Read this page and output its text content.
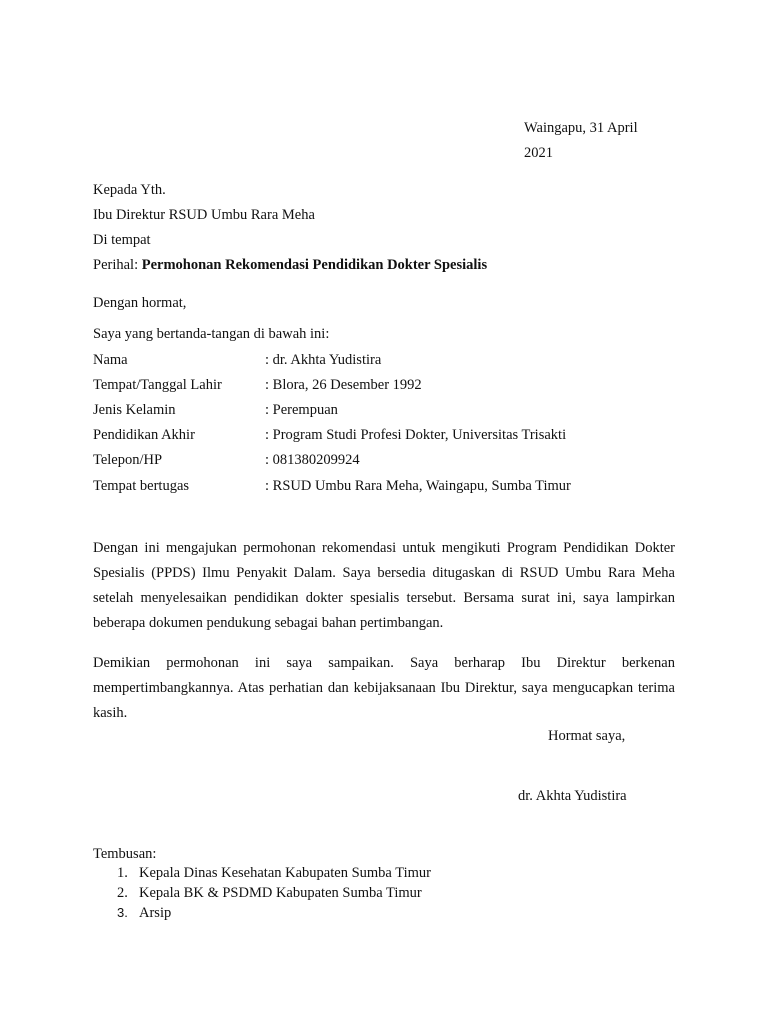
Waingapu, 31 April
2021
Kepada Yth.
Ibu Direktur RSUD Umbu Rara Meha
Di tempat
Perihal: Permohonan Rekomendasi Pendidikan Dokter Spesialis
Dengan hormat,
Saya yang bertanda-tangan di bawah ini:
Nama	: dr. Akhta Yudistira
Tempat/Tanggal Lahir	: Blora, 26 Desember 1992
Jenis Kelamin	: Perempuan
Pendidikan Akhir	: Program Studi Profesi Dokter, Universitas Trisakti
Telepon/HP	: 081380209924
Tempat bertugas	: RSUD Umbu Rara Meha, Waingapu, Sumba Timur

Dengan ini mengajukan permohonan rekomendasi untuk mengikuti Program Pendidikan Dokter Spesialis (PPDS) Ilmu Penyakit Dalam. Saya bersedia ditugaskan di RSUD Umbu Rara Meha setelah menyelesaikan pendidikan dokter spesialis tersebut. Bersama surat ini, saya lampirkan beberapa dokumen pendukung sebagai bahan pertimbangan.

Demikian permohonan ini saya sampaikan. Saya berharap Ibu Direktur berkenan mempertimbangkannya. Atas perhatian dan kebijaksanaan Ibu Direktur, saya mengucapkan terima kasih.

Hormat saya,
dr. Akhta Yudistira
Tembusan:
1. Kepala Dinas Kesehatan Kabupaten Sumba Timur
2. Kepala BK & PSDMD Kabupaten Sumba Timur
3. Arsip
